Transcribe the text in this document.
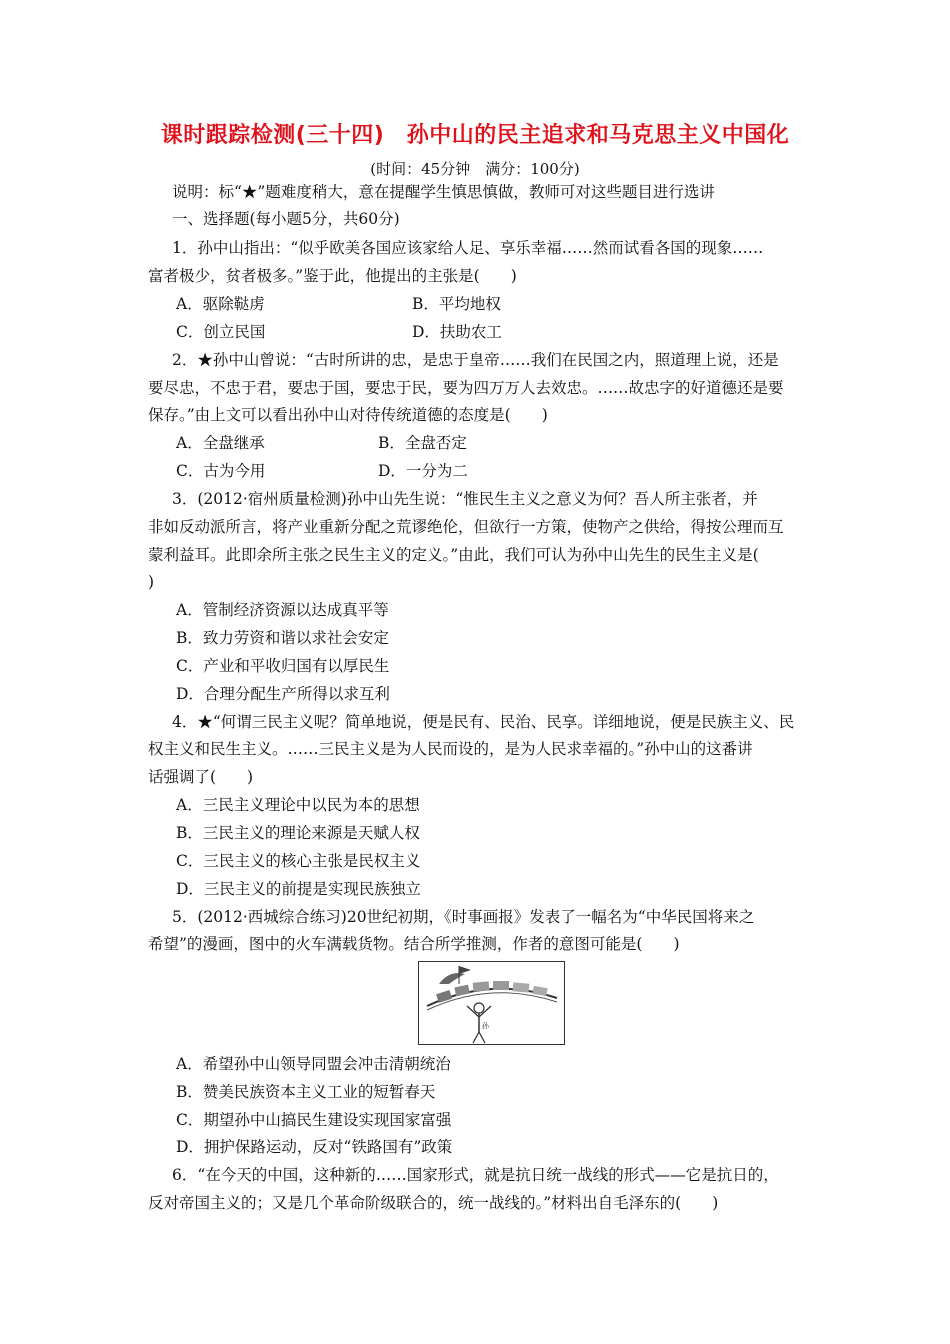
课时跟踪检测(三十四)　孙中山的民主追求和马克思主义中国化
(时间：45分钟　满分：100分)
说明：标“★”题难度稍大，意在提醒学生慎思慎做，教师可对这些题目进行选讲
一、选择题(每小题5分，共60分)
1．孙中山指出：“似乎欧美各国应该家给人足、享乐幸福……然而试看各国的现象……
富者极少，贫者极多。”鉴于此，他提出的主张是(　　)
A．驱除鞑虏	B．平均地权
C．创立民国	D．扶助农工
2．★孙中山曾说：“古时所讲的忠，是忠于皇帝……我们在民国之内，照道理上说，还是
要尽忠，不忠于君，要忠于国，要忠于民，要为四万万人去效忠。……故忠字的好道德还是要
保存。”由上文可以看出孙中山对待传统道德的态度是(　　)
A．全盘继承	B．全盘否定
C．古为今用	D．一分为二
3．(2012·宿州质量检测)孙中山先生说：“惟民生主义之意义为何？吾人所主张者，并
非如反动派所言，将产业重新分配之荒谬绝伦，但欲行一方策，使物产之供给，得按公理而互
蒙利益耳。此即余所主张之民生主义的定义。”由此，我们可认为孙中山先生的民生主义是(
)
A．管制经济资源以达成真平等
B．致力劳资和谐以求社会安定
C．产业和平收归国有以厚民生
D．合理分配生产所得以求互利
4．★“何谓三民主义呢？简单地说，便是民有、民治、民享。详细地说，便是民族主义、民
权主义和民生主义。……三民主义是为人民而设的，是为人民求幸福的。”孙中山的这番讲
话强调了(　　)
A．三民主义理论中以民为本的思想
B．三民主义的理论来源是天赋人权
C．三民主义的核心主张是民权主义
D．三民主义的前提是实现民族独立
5．(2012·西城综合练习)20世纪初期，《时事画报》发表了一幅名为“中华民国将来之
希望”的漫画，图中的火车满载货物。结合所学推测，作者的意图可能是(　　)
孙
A．希望孙中山领导同盟会冲击清朝统治
B．赞美民族资本主义工业的短暂春天
C．期望孙中山搞民生建设实现国家富强
D．拥护保路运动，反对“铁路国有”政策
6．“在今天的中国，这种新的……国家形式，就是抗日统一战线的形式——它是抗日的，
反对帝国主义的；又是几个革命阶级联合的，统一战线的。”材料出自毛泽东的(　　)
